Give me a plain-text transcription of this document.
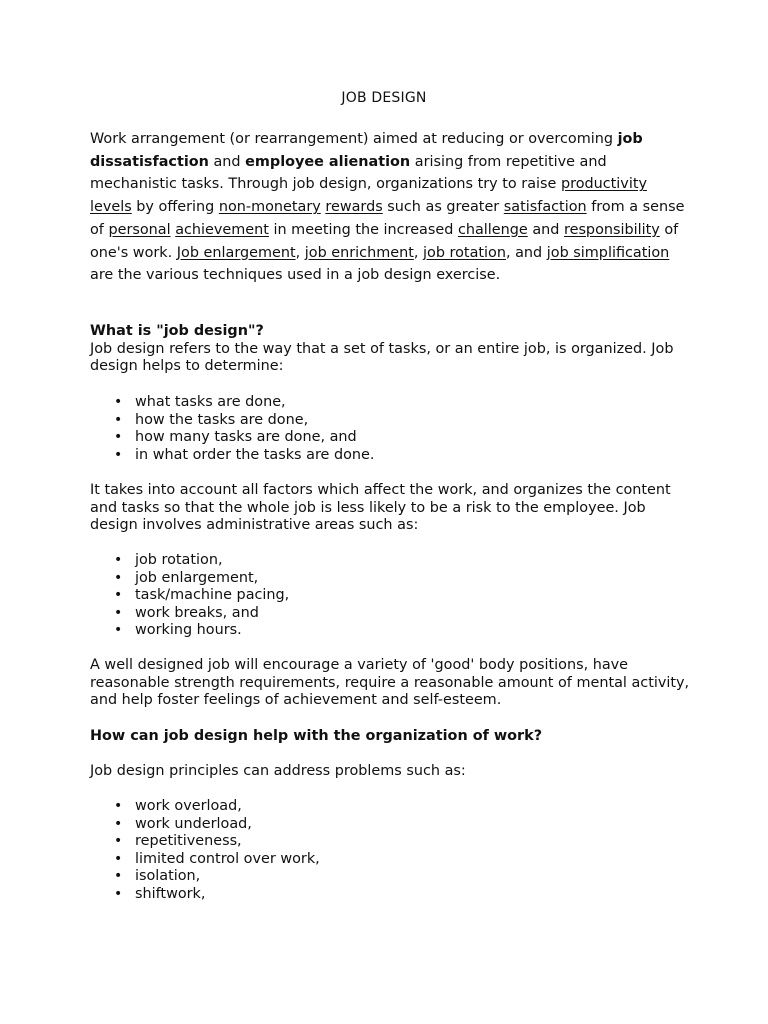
JOB DESIGN

Work arrangement (or rearrangement) aimed at reducing or overcoming job dissatisfaction and employee alienation arising from repetitive and mechanistic tasks. Through job design, organizations try to raise productivity levels by offering non-monetary rewards such as greater satisfaction from a sense of personal achievement in meeting the increased challenge and responsibility of one's work. Job enlargement, job enrichment, job rotation, and job simplification are the various techniques used in a job design exercise.

What is "job design"?

Job design refers to the way that a set of tasks, or an entire job, is organized. Job design helps to determine:

• what tasks are done,
• how the tasks are done,
• how many tasks are done, and
• in what order the tasks are done.

It takes into account all factors which affect the work, and organizes the content and tasks so that the whole job is less likely to be a risk to the employee. Job design involves administrative areas such as:

• job rotation,
• job enlargement,
• task/machine pacing,
• work breaks, and
• working hours.

A well designed job will encourage a variety of 'good' body positions, have reasonable strength requirements, require a reasonable amount of mental activity, and help foster feelings of achievement and self-esteem.

How can job design help with the organization of work?

Job design principles can address problems such as:

• work overload,
• work underload,
• repetitiveness,
• limited control over work,
• isolation,
• shiftwork,
